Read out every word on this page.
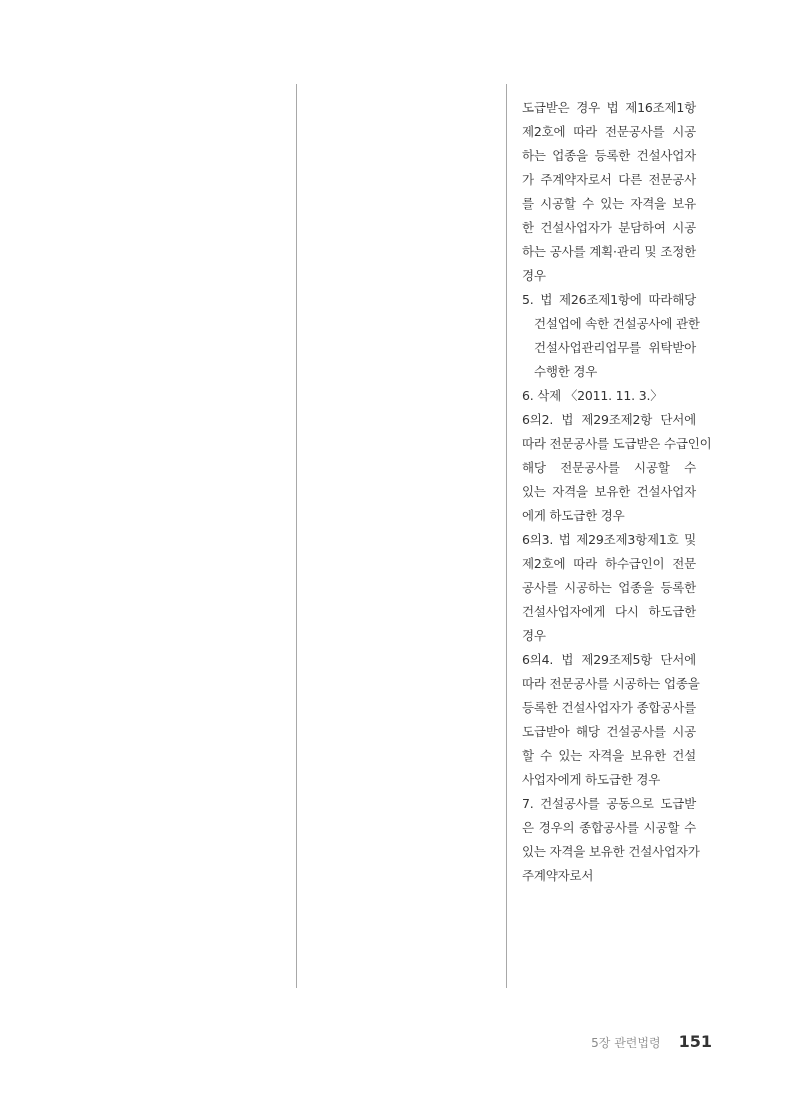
도급받은 경우 법 제16조제1항
제2호에 따라 전문공사를 시공
하는 업종을 등록한 건설사업자
가 주계약자로서 다른 전문공사
를 시공할 수 있는 자격을 보유
한 건설사업자가 분담하여 시공
하는 공사를 계획·관리 및 조정한
경우
5. 법 제26조제1항에 따라해당
건설업에 속한 건설공사에 관한
건설사업관리업무를 위탁받아
수행한 경우
6. 삭제 〈2011. 11. 3.〉
6의2. 법 제29조제2항 단서에
따라 전문공사를 도급받은 수급인이
해당 전문공사를 시공할 수
있는 자격을 보유한 건설사업자
에게 하도급한 경우
6의3. 법 제29조제3항제1호 및
제2호에 따라 하수급인이 전문
공사를 시공하는 업종을 등록한
건설사업자에게 다시 하도급한
경우
6의4. 법 제29조제5항 단서에
따라 전문공사를 시공하는 업종을
등록한 건설사업자가 종합공사를
도급받아 해당 건설공사를 시공
할 수 있는 자격을 보유한 건설
사업자에게 하도급한 경우
7. 건설공사를 공동으로 도급받
은 경우의 종합공사를 시공할 수
있는 자격을 보유한 건설사업자가
주계약자로서
5장 관련법령 151
